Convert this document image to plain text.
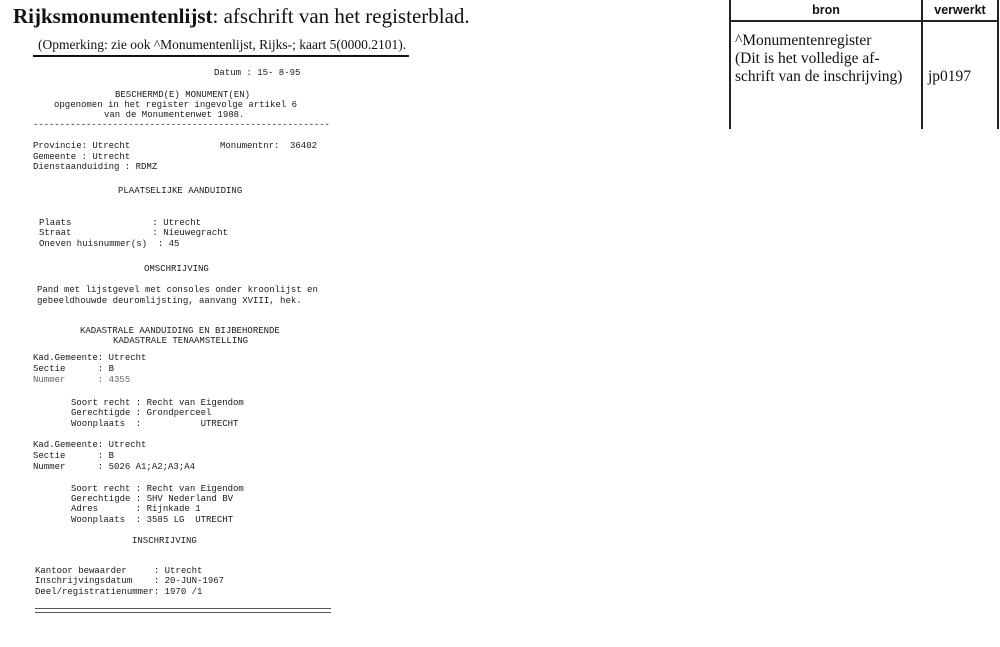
Rijksmonumentenlijst: afschrift van het registerblad.
(Opmerking: zie ook ^Monumentenlijst, Rijks-; kaart 5(0000.2101).
Datum : 15- 8-95
BESCHERMD(E) MONUMENT(EN)
opgenomen in het register ingevolge artikel 6
van de Monumentenwet 1988.
--------------------------------------------------------
Provincie: Utrecht	Monumentnr: 36402
Gemeente : Utrecht
Dienstaanduiding : RDMZ
PLAATSELIJKE AANDUIDING
Plaats               : Utrecht
Straat               : Nieuwegracht
Oneven huisnummer(s)  : 45
OMSCHRIJVING
Pand met lijstgevel met consoles onder kroonlijst en
gebeeldhouwde deuromlijsting, aanvang XVIII, hek.
KADASTRALE AANDUIDING EN BIJBEHORENDE
KADASTRALE TENAAMSTELLING
Kad.Gemeente: Utrecht
Sectie      : B
Nummer      : 4355
Soort recht : Recht van Eigendom
Gerechtigde : Grondperceel
Woonplaats  :           UTRECHT
Kad.Gemeente: Utrecht
Sectie      : B
Nummer      : 5026 A1;A2;A3;A4
Soort recht : Recht van Eigendom
Gerechtigde : SHV Nederland BV
Adres       : Rijnkade 1
Woonplaats  : 3585 LG  UTRECHT
INSCHRIJVING
Kantoor bewaarder     : Utrecht
Inschrijvingsdatum    : 20-JUN-1967
Deel/registratienummer: 1970 /1
bron	verwerkt
^Monumentenregister
(Dit is het volledige af-
schrift van de inschrijving) jp0197
